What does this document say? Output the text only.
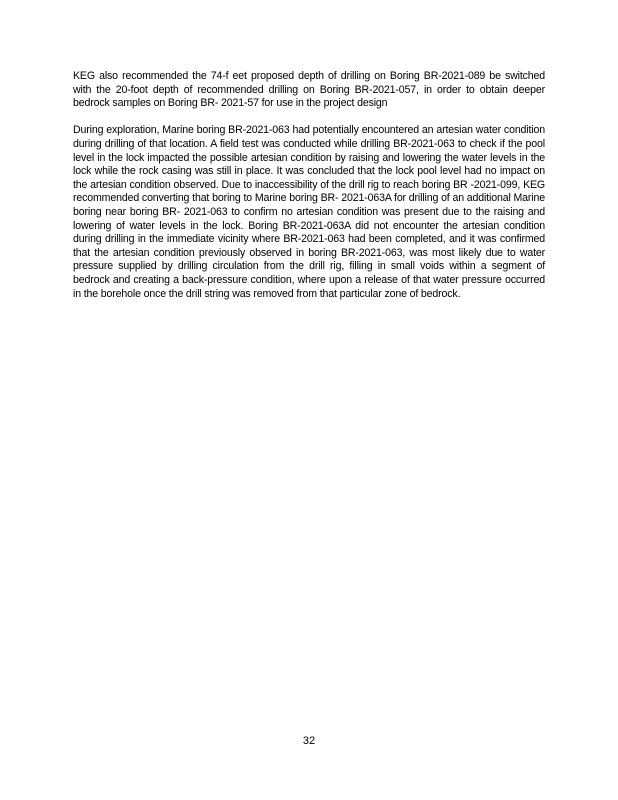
KEG also recommended the 74-f eet proposed depth of drilling on Boring BR-2021-089 be switched with the 20-foot depth of recommended drilling on Boring BR-2021-057, in order to obtain deeper bedrock samples on Boring BR- 2021-57 for use in the project design

During exploration, Marine boring BR-2021-063 had potentially encountered an artesian water condition during drilling of that location. A field test was conducted while drilling BR-2021-063 to check if the pool level in the lock impacted the possible artesian condition by raising and lowering the water levels in the lock while the rock casing was still in place. It was concluded that the lock pool level had no impact on the artesian condition observed. Due to inaccessibility of the drill rig to reach boring BR -2021-099, KEG recommended converting that boring to Marine boring BR- 2021-063A for drilling of an additional Marine boring near boring BR- 2021-063 to confirm no artesian condition was present due to the raising and lowering of water levels in the lock. Boring BR-2021-063A did not encounter the artesian condition during drilling in the immediate vicinity where BR-2021-063 had been completed, and it was confirmed that the artesian condition previously observed in boring BR-2021-063, was most likely due to water pressure supplied by drilling circulation from the drill rig, filling in small voids within a segment of bedrock and creating a back-pressure condition, where upon a release of that water pressure occurred in the borehole once the drill string was removed from that particular zone of bedrock.

32
